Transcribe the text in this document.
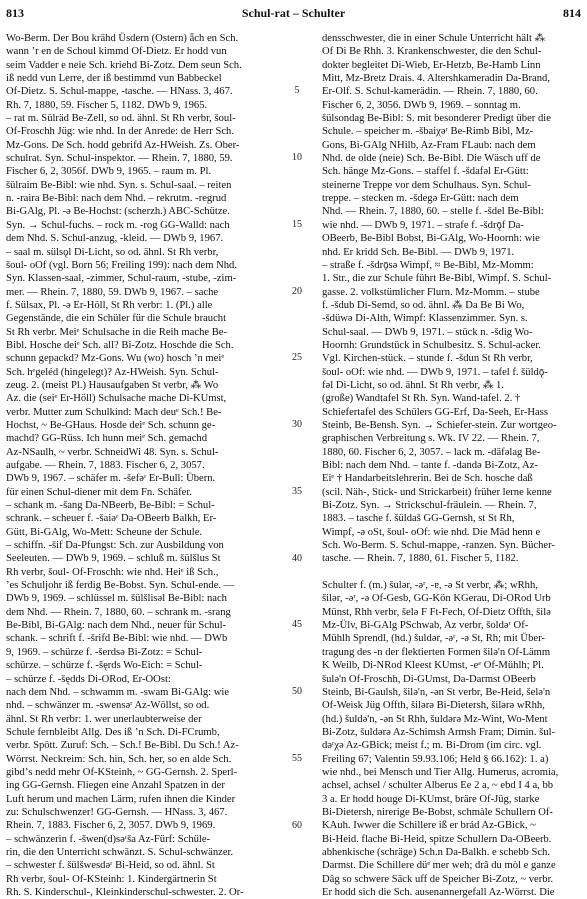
813	Schul-rat – Schulter	814
Wo-Berm. Der Bou krähd Üsdern (Ostern) ǟch en Sch.
wann ʼr en de Schoul kimmd Of-Dietz. Er hodd vun
seim Vadder e neie Sch. kriehd Bi-Zotz. Dem seun Sch.
iß nedd vun Lerre, der iß bestimmd vun Babbeckel
Of-Dietz. S. Schul-mappe, -tasche. — HNass. 3, 467.
Rh. 7, 1880, 59. Fischer 5, 1182. DWb 9, 1965.
– rat m. Sülräd Be-Zell, so od. ähnl. St Rh verbr, šoul-
Of-Froschh Jüg: wie nhd. In der Anrede: de Herr Sch.
Mz-Gons. De Sch. hodd gebrifd Az-HWeish. Zs. Ober-
schulrat. Syn. Schul-inspektor. — Rhein. 7, 1880, 59.
Fischer 6, 2, 3056f. DWb 9, 1965. – raum m. Pl.
šülraim Be-Bibl: wie nhd. Syn. s. Schul-saal. – reiten
n. -raira Be-Bibl: nach dem Nhd. – rekrutm. -regrud
Bi-GAlg, Pl. -ə Be-Hochst: (scherzh.) ABC-Schütze.
Syn. → Schul-fuchs. – rock m. -rog GG-Walld: nach
dem Nhd. S. Schul-anzug, -kleid. — DWb 9, 1967.
– saal m. sülsǫl Di-Licht, so od. ähnl. St Rh verbr,
šoul- oOf (vgl. Born 56; Freiling 199): nach dem Nhd.
Syn. Klassen-saal, -zimmer, Schul-raum, -stube, -zim-
mer. — Rhein. 7, 1880, 59. DWb 9, 1967. – sache
f. Sülsax, Pl. -ə Er-Höll, St Rh verbr: 1. (Pl.) alle
Gegenstände, die ein Schüler für die Schule braucht
St Rh verbr. Meiᵉ Schulsache in die Reih mache Be-
Bibl. Hosche deiᵉ Sch. all? Bi-Zotz. Hoschde die Sch.
schunn gepackd? Mz-Gons. Wu (wo) hosch ʼn meiᵉ
Sch. hᵉgeléd (hingelegt)? Az-HWeish. Syn. Schul-
zeug. 2. (meist Pl.) Hausaufgaben St verbr, ⁂ Wo
Az. die (seiᵉ Er-Höll) Schulsache mache Di-KUmst,
verbr. Mutter zum Schulkind: Mach deuᵉ Sch.! Be-
Hochst, ~ Be-GHaus. Hosde deiᵉ Sch. schunn ge-
machd? GG-Rüss. Ich hunn meiᵉ Sch. gemachd
Az-NSaulh, ~ verbr. SchneidWi 48. Syn. s. Schul-
aufgabe. — Rhein. 7, 1883. Fischer 6, 2, 3057.
DWb 9, 1967. – schäfer m. -šefəʳ Er-Bull: Übern.
für einen Schul-diener mit dem Fn. Schäfer.
– schank m. -šang Da-NBeerb, Be-Bibl: = Schul-
schrank. – scheuer f. -šaiəʳ Da-OBeerb Balkh, Er-
Gütt, Bi-GAlg, Wo-Mett: Scheune der Schule.
– schiffn. -šif Da-Pfungst: Sch. zur Ausbildung von
Seeleuten. — DWb 9, 1969. – schluß m. šülšlus St
Rh verbr, šoul- Of-Froschh: wie nhd. Heiᵉ iß Sch.,
ʼes Schuljohr iß ferdig Be-Bobst. Syn. Schul-ende. —
DWb 9, 1969. – schlüssel m. šülšlisəl Be-Bibl: nach
dem Nhd. — Rhein. 7, 1880, 60. – schrank m. -srang
Be-Bibl, Bi-GAlg: nach dem Nhd., neuer für Schul-
schank. – schrift f. -šrifd Be-Bibl: wie nhd. — DWb
9, 1969. – schürze f. -šerdsə Bi-Zotz: = Schul-
schürze. – schürze f. -šęrds Wo-Eich: = Schul-
– schürze f. -šędds Di-ORod, Er-OOst:
nach dem Nhd. – schwamm m. -swam Bi-GAlg: wie
nhd. – schwänzer m. -swensəʳ Az-Wöllst, so od.
ähnl. St Rh verbr: 1. wer unerlaubterweise der
Schule fernbleibt Allg. Des iß ʼn Sch. Di-FCrumb,
verbr. Spött. Zuruf: Sch. – Sch.! Be-Bibl. Du Sch.! Az-
Wörrst. Neckreim: Sch. hin, Sch. her, so en alde Sch.
gibdʼs nedd mehr Of-KSteinh, ~ GG-Gernsh. 2. Sperl-
ing GG-Gernsh. Fliegen eine Anzahl Spatzen in der
Luft herum und machen Lärm, rufen ihnen die Kinder
zu: Schulschwenzer! GG-Gernsh. — HNass. 3, 467.
Rhein. 7, 1883. Fischer 6, 2, 3057. DWb 9, 1969.
– schwänzerin f. -šwen(d)səʳša Az-Fürf: Schüle-
rin, die den Unterricht schwänzt. S. Schul-schwänzer.
– schwester f. šülšwesdəʳ Bi-Heid, so od. ähnl. St
Rh verbr, šoul- Of-KSteinh: 1. Kindergärtnerin St
Rh. S. Kinderschul-, Kleinkinderschul-schwester. 2. Or-
5
10
15
20
25
30
35
40
45
50
55
60
densschwester, die in einer Schule Unterricht hält ⁂
Of Di Be Rhh. 3. Krankenschwester, die den Schul-
dokter begleitet Di-Wieb, Er-Hetzb, Be-Hamb Linn
Mitt, Mz-Bretz Drais. 4. Altershkameradin Da-Brand,
Er-Olf. S. Schul-kamerädin. — Rhein. 7, 1880, 60.
Fischer 6, 2, 3056. DWb 9, 1969. – sonntag m.
šülsondag Be-Bibl: S. mit besonderer Predigt über die
Schule. – speicher m. -šbaiχəʳ Be-Rimb Bibl, Mz-
Gons, Bi-GAlg NHilb, Az-Fram FLaub: nach dem
Nhd. de olde (neie) Sch. Be-Bibl. Die Wäsch uff de
Sch. hänge Mz-Gons. – staffel f. -šdafəl Er-Gütt:
steinerne Treppe vor dem Schulhaus. Syn. Schul-
treppe. – stecken m. -šdegə Er-Gütt: nach dem
Nhd. — Rhein. 7, 1880, 60. – stelle f. -šdel Be-Bibl:
wie nhd. — DWb 9, 1971. – strafe f. -šdrǭf Da-
OBeerb, Be-Bibl Bobst, Bi-GAlg, Wo-Hoornh: wie
nhd. Er kridd Sch. Be-Bibl. — DWb 9, 1971.
– straße f. -šdrǭsə Wimpf, ≈ Be-Bibl, Mz-Momm:
1. Str., die zur Schule führt Be-Bibl, Wimpf. S. Schul-
gasse. 2. volkstümlicher Flurn. Mz-Momm. – stube
f. -šdub Di-Semd, so od. ähnl. ⁂ Da Be Bi Wo,
-šdüwə Di-Alth, Wimpf: Klassenzimmer. Syn. s.
Schul-saal. — DWb 9, 1971. – stück n. -šdig Wo-
Hoornh: Grundstück in Schulbesitz. S. Schul-acker.
Vgl. Kirchen-stück. – stunde f. -šdun St Rh verbr,
šoul- oOf: wie nhd. — DWb 9, 1971. – tafel f. šüldǭ-
fəl Di-Licht, so od. ähnl. St Rh verbr, ⁂ 1.
(große) Wandtafel St Rh. Syn. Wand-tafel. 2. †
Schiefertafel des Schülers GG-Erf, Da-Seeh, Er-Hass
Steinb, Be-Bensh. Syn. → Schiefer-stein. Zur wortgeo-
graphischen Verbreitung s. Wk. IV 22. — Rhein. 7,
1880, 60. Fischer 6, 2, 3057. – lack m. -däfəlag Be-
Bibl: nach dem Nhd. – tante f. -dandə Bi-Zotz, Az-
Eiᵉ † Handarbeitslehrerin. Bei de Sch. hosche daß
(scil. Näh-, Stick- und Strickarbeit) früher lerne kenne
Bi-Zotz. Syn. → Strickschul-fräulein. — Rhein. 7,
1883. – tasche f. šüldaš GG-Gernsh, st St Rh,
Wimpf, -ə oSt, šoul- oOf: wie nhd. Die Mäd henn e
Sch. Wo-Berm. S. Schul-mappe, -ranzen. Syn. Bücher-
tasche. — Rhein. 7, 1880, 61. Fischer 5, 1182.

Schulter f. (m.) šulər, -əʳ, -ɐ, -ə St verbr, ⁂; wRhh,
šilər, -əʳ, -ə Of-Gesb, GG-Kön KGerau, Di-ORod Urb
Münst, Rhh verbr, šelə F Ft-Fech, Of-Dietz Offth, šilə
Mz-Ülv, Bi-GAlg PSchwab, Az verbr, šoldəʳ Of-
Mühlh Sprendl, (hd.) šuldər, -əʳ, -ə St, Rh; mit Über-
tragung des -n der flektierten Formen šilə'n Of-Lämm
K Weilb, Di-NRod Kleest KUmst, -eᵉ Of-Mühlh; Pl.
šulə'n Of-Froschh, Di-GUmst, Da-Darmst OBeerb
Steinb, Bi-Gaulsh, šilə'n, -ən St verbr, Be-Heid, šelə'n
Of-Weisk Jüg Offth, šilərə Bi-Dietersh, šilərə wRhh,
(hd.) šuldə'n, -ən St Rhh, šuldərə Mz-Wint, Wo-Ment
Bi-Zotz, šuldərə Az-Schimsh Armsh Fram; Dimin. šul-
dəʳχə Az-GBick; meist f.; m. Bi-Drom (im circ. vgl.
Freiling 67; Valentin 59.93.106; Held § 66.162): 1. a)
wie nhd., bei Mensch und Tier Allg. Humerus, acromia,
achsel, achsel / schulter Alberus Ee 2 a, ~ ebd I 4 a, bb
3 a. Er hodd houge Di-KUmst, bräre Of-Jüg, starke
Bi-Dietersh, nirerige Be-Bobst, schmàle Schullern Of-
KAuh. Iwwer die Schillere iß er brád Az-GBick, ~
Bi-Heid. flache Bi-Heid, spitze Schullern Da-OBeerb.
abhenkische (schräge) Sch.n Da-Balkh. e schebb Sch.
Darmst. Die Schillere düᵉ mer weh; drâ du mòl e ganze
Dâg so schwere Säck uff de Speicher Bi-Zotz, ~ verbr.
Er hodd sich die Sch. ausenannergefall Az-Wörrst. Die
